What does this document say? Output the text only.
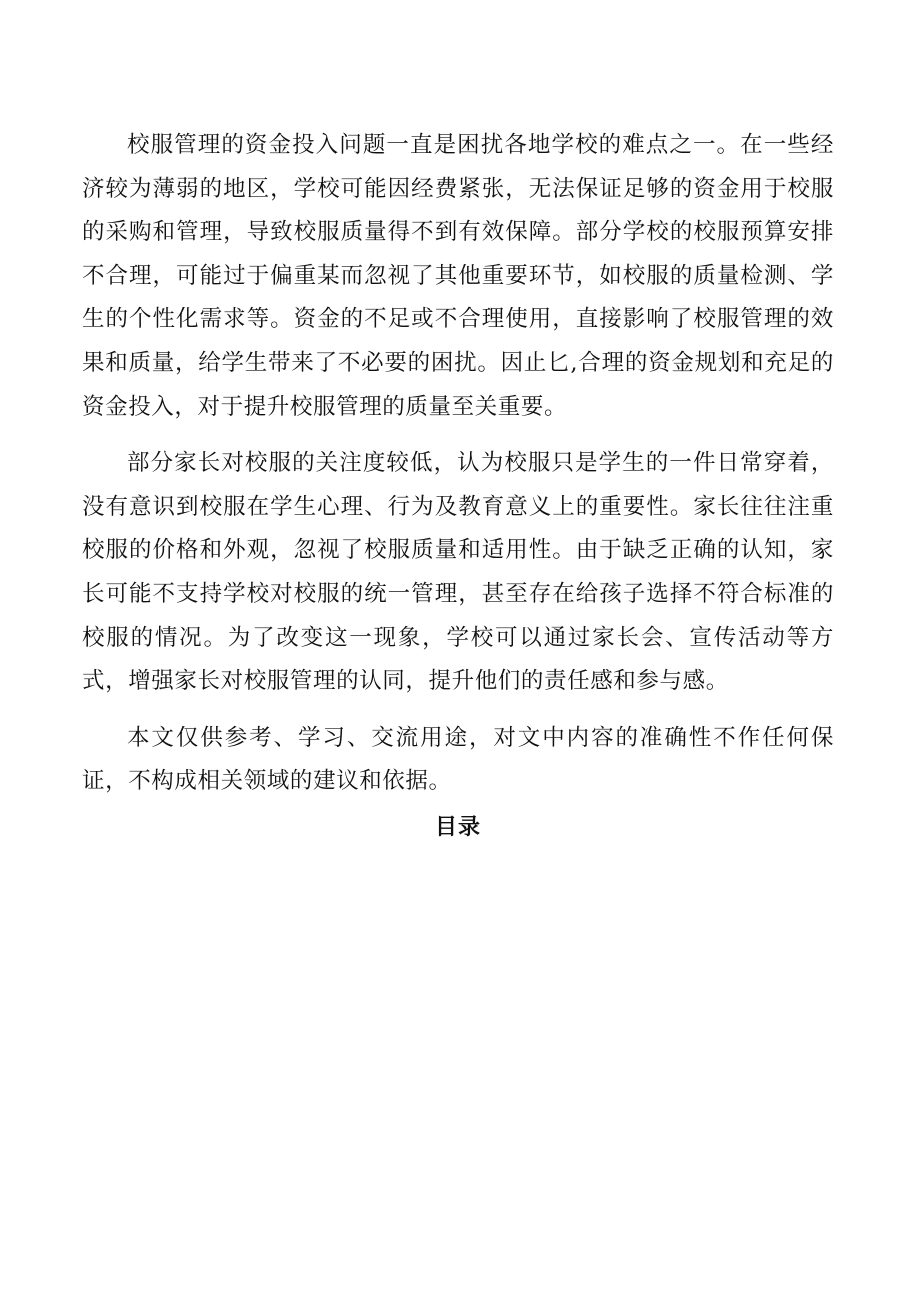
校服管理的资金投入问题一直是困扰各地学校的难点之一。在一些经济较为薄弱的地区，学校可能因经费紧张，无法保证足够的资金用于校服的采购和管理，导致校服质量得不到有效保障。部分学校的校服预算安排不合理，可能过于偏重某而忽视了其他重要环节，如校服的质量检测、学生的个性化需求等。资金的不足或不合理使用，直接影响了校服管理的效果和质量，给学生带来了不必要的困扰。因止匕,合理的资金规划和充足的资金投入，对于提升校服管理的质量至关重要。

部分家长对校服的关注度较低，认为校服只是学生的一件日常穿着，没有意识到校服在学生心理、行为及教育意义上的重要性。家长往往注重校服的价格和外观，忽视了校服质量和适用性。由于缺乏正确的认知，家长可能不支持学校对校服的统一管理，甚至存在给孩子选择不符合标准的校服的情况。为了改变这一现象，学校可以通过家长会、宣传活动等方式，增强家长对校服管理的认同，提升他们的责任感和参与感。

本文仅供参考、学习、交流用途，对文中内容的准确性不作任何保证，不构成相关领域的建议和依据。

目录
